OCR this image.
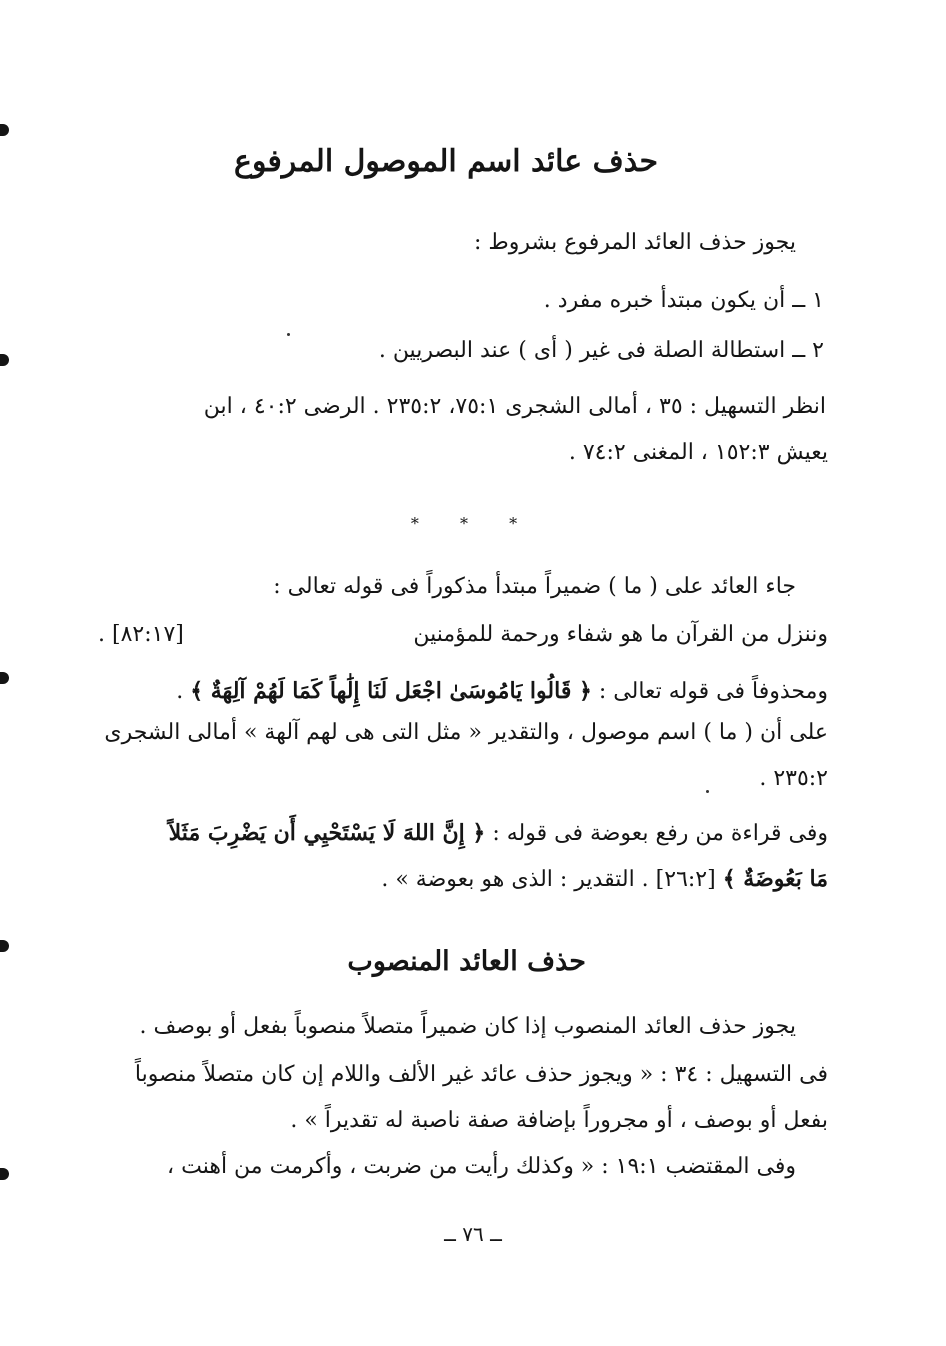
حذف عائد اسم الموصول المرفوع
يجوز حذف العائد المرفوع بشروط :
١ ــ أن يكون مبتدأ خبره مفرد .
٢ ــ استطالة الصلة فى غير ( أى ) عند البصريين .
انظر التسهيل : ٣٥ ، أمالى الشجرى ٧٥:١، ٢٣٥:٢ . الرضى ٤٠:٢ ، ابن
يعيش ١٥٢:٣ ، المغنى ٧٤:٢ .
* * *
جاء العائد على ( ما ) ضميراً مبتدأ مذكوراً فى قوله تعالى :
وننزل من القرآن ما هو شفاء ورحمة للمؤمنين
[٨٢:١٧] .
ومحذوفاً فى قوله تعالى : ﴿ قَالُوا يَامُوسَىٰ اجْعَل لَنَا إِلَٰهاً كَمَا لَهُمْ آلِهَةٌ ﴾ .
على أن ( ما ) اسم موصول ، والتقدير « مثل التى هى لهم آلهة » أمالى الشجرى
٢٣٥:٢ .
وفى قراءة من رفع بعوضة فى قوله : ﴿ إِنَّ اللهَ لَا يَسْتَحْيِي أَن يَضْرِبَ مَثَلاً
مَا بَعُوضَةٌ ﴾ [٢٦:٢] . التقدير : الذى هو بعوضة » .
حذف العائد المنصوب
يجوز حذف العائد المنصوب إذا كان ضميراً متصلاً منصوباً بفعل أو بوصف .
فى التسهيل : ٣٤ : « ويجوز حذف عائد غير الألف واللام إن كان متصلاً منصوباً
بفعل أو بوصف ، أو مجروراً بإضافة صفة ناصبة له تقديراً » .
وفى المقتضب ١٩:١ : « وكذلك رأيت من ضربت ، وأكرمت من أهنت ،
ــ ٧٦ ــ
